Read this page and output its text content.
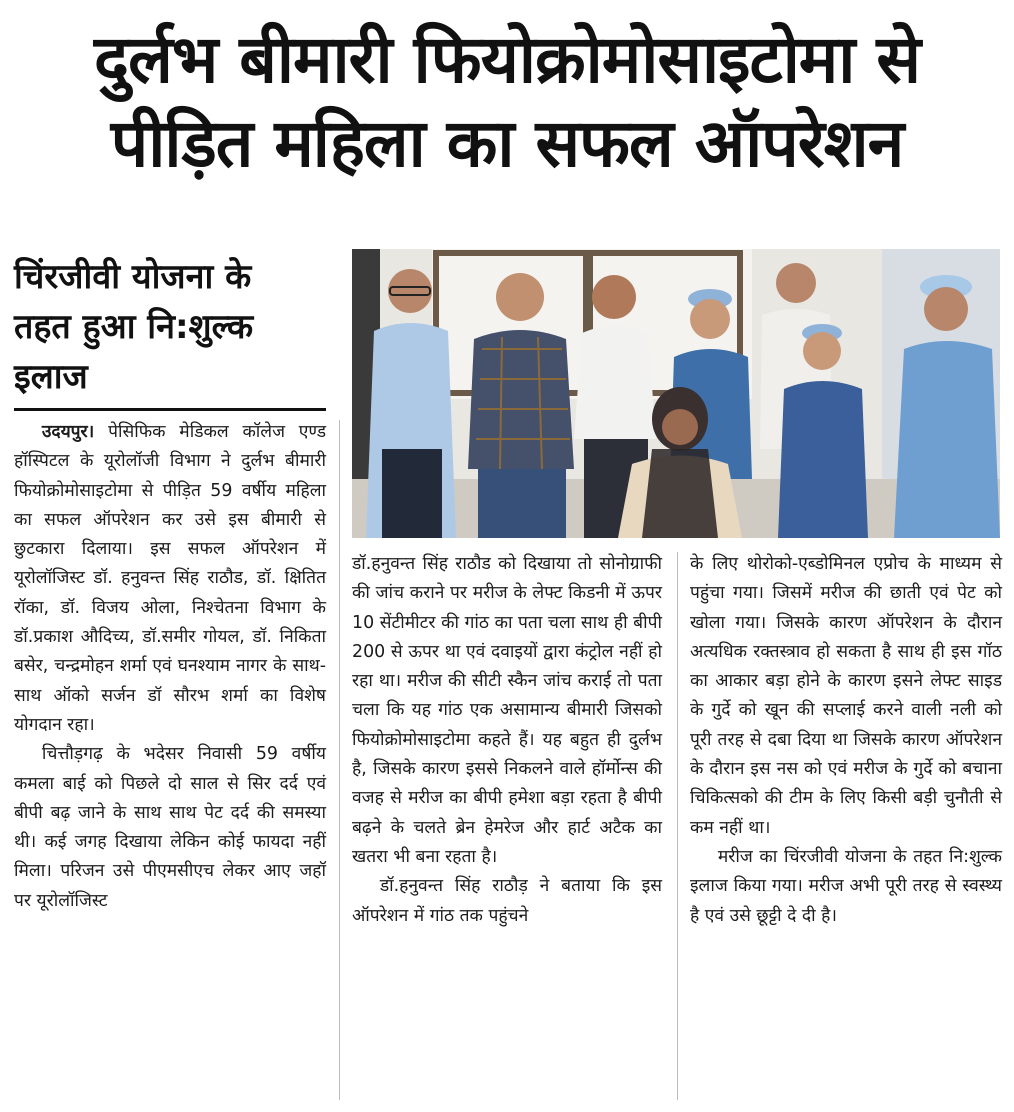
दुर्लभ बीमारी फियोक्रोमोसाइटोमा से
पीड़ित महिला का सफल ऑपरेशन
चिंरजीवी योजना के
तहत हुआ नि:शुल्क
इलाज

उदयपुर। पेसिफिक मेडिकल कॉलेज एण्ड हॉस्पिटल के यूरोलॉजी विभाग ने दुर्लभ बीमारी फियोक्रोमोसाइटोमा से पीड़ित 59 वर्षीय महिला का सफल ऑपरेशन कर उसे इस बीमारी से छुटकारा दिलाया। इस सफल ऑपरेशन में यूरोलॉजिस्ट डॉ. हनुवन्त सिंह राठौड, डॉ. क्षितित रॉका, डॉ. विजय ओला, निश्चेतना विभाग के डॉ.प्रकाश औदिच्य, डॉ.समीर गोयल, डॉ. निकिता बसेर, चन्द्रमोहन शर्मा एवं घनश्याम नागर के साथ-साथ ऑको सर्जन डॉ सौरभ शर्मा का विशेष योगदान रहा।

चित्तौड़गढ़ के भदेसर निवासी 59 वर्षीय कमला बाई को पिछले दो साल से सिर दर्द एवं बीपी बढ़ जाने के साथ साथ पेट दर्द की समस्या थी। कई जगह दिखाया लेकिन कोई फायदा नहीं मिला। परिजन उसे पीएमसीएच लेकर आए जहॉ पर यूरोलॉजिस्ट

डॉ.हनुवन्त सिंह राठौड को दिखाया तो सोनोग्राफी की जांच कराने पर मरीज के लेफ्ट किडनी में ऊपर 10 सेंटीमीटर की गांठ का पता चला साथ ही बीपी 200 से ऊपर था एवं दवाइयों द्वारा कंट्रोल नहीं हो रहा था। मरीज की सीटी स्कैन जांच कराई तो पता चला कि यह गांठ एक असामान्य बीमारी जिसको फियोक्रोमोसाइटोमा कहते हैं। यह बहुत ही दुर्लभ है, जिसके कारण इससे निकलने वाले हॉर्मोन्स की वजह से मरीज का बीपी हमेशा बड़ा रहता है बीपी बढ़ने के चलते ब्रेन हेमरेज और हार्ट अटैक का खतरा भी बना रहता है।

डॉ.हनुवन्त सिंह राठौड़ ने बताया कि इस ऑपरेशन में गांठ तक पहुंचने

के लिए थोरोको-एब्डोमिनल एप्रोच के माध्यम से पहुंचा गया। जिसमें मरीज की छाती एवं पेट को खोला गया। जिसके कारण ऑपरेशन के दौरान अत्यधिक रक्तस्त्राव हो सकता है साथ ही इस गॉठ का आकार बड़ा होने के कारण इसने लेफ्ट साइड के गुर्दे को खून की सप्लाई करने वाली नली को पूरी तरह से दबा दिया था जिसके कारण ऑपरेशन के दौरान इस नस को एवं मरीज के गुर्दे को बचाना चिकित्सको की टीम के लिए किसी बड़ी चुनौती से कम नहीं था।

मरीज का चिंरजीवी योजना के तहत नि:शुल्क इलाज किया गया। मरीज अभी पूरी तरह से स्वस्थ्य है एवं उसे छूट्टी दे दी है।
